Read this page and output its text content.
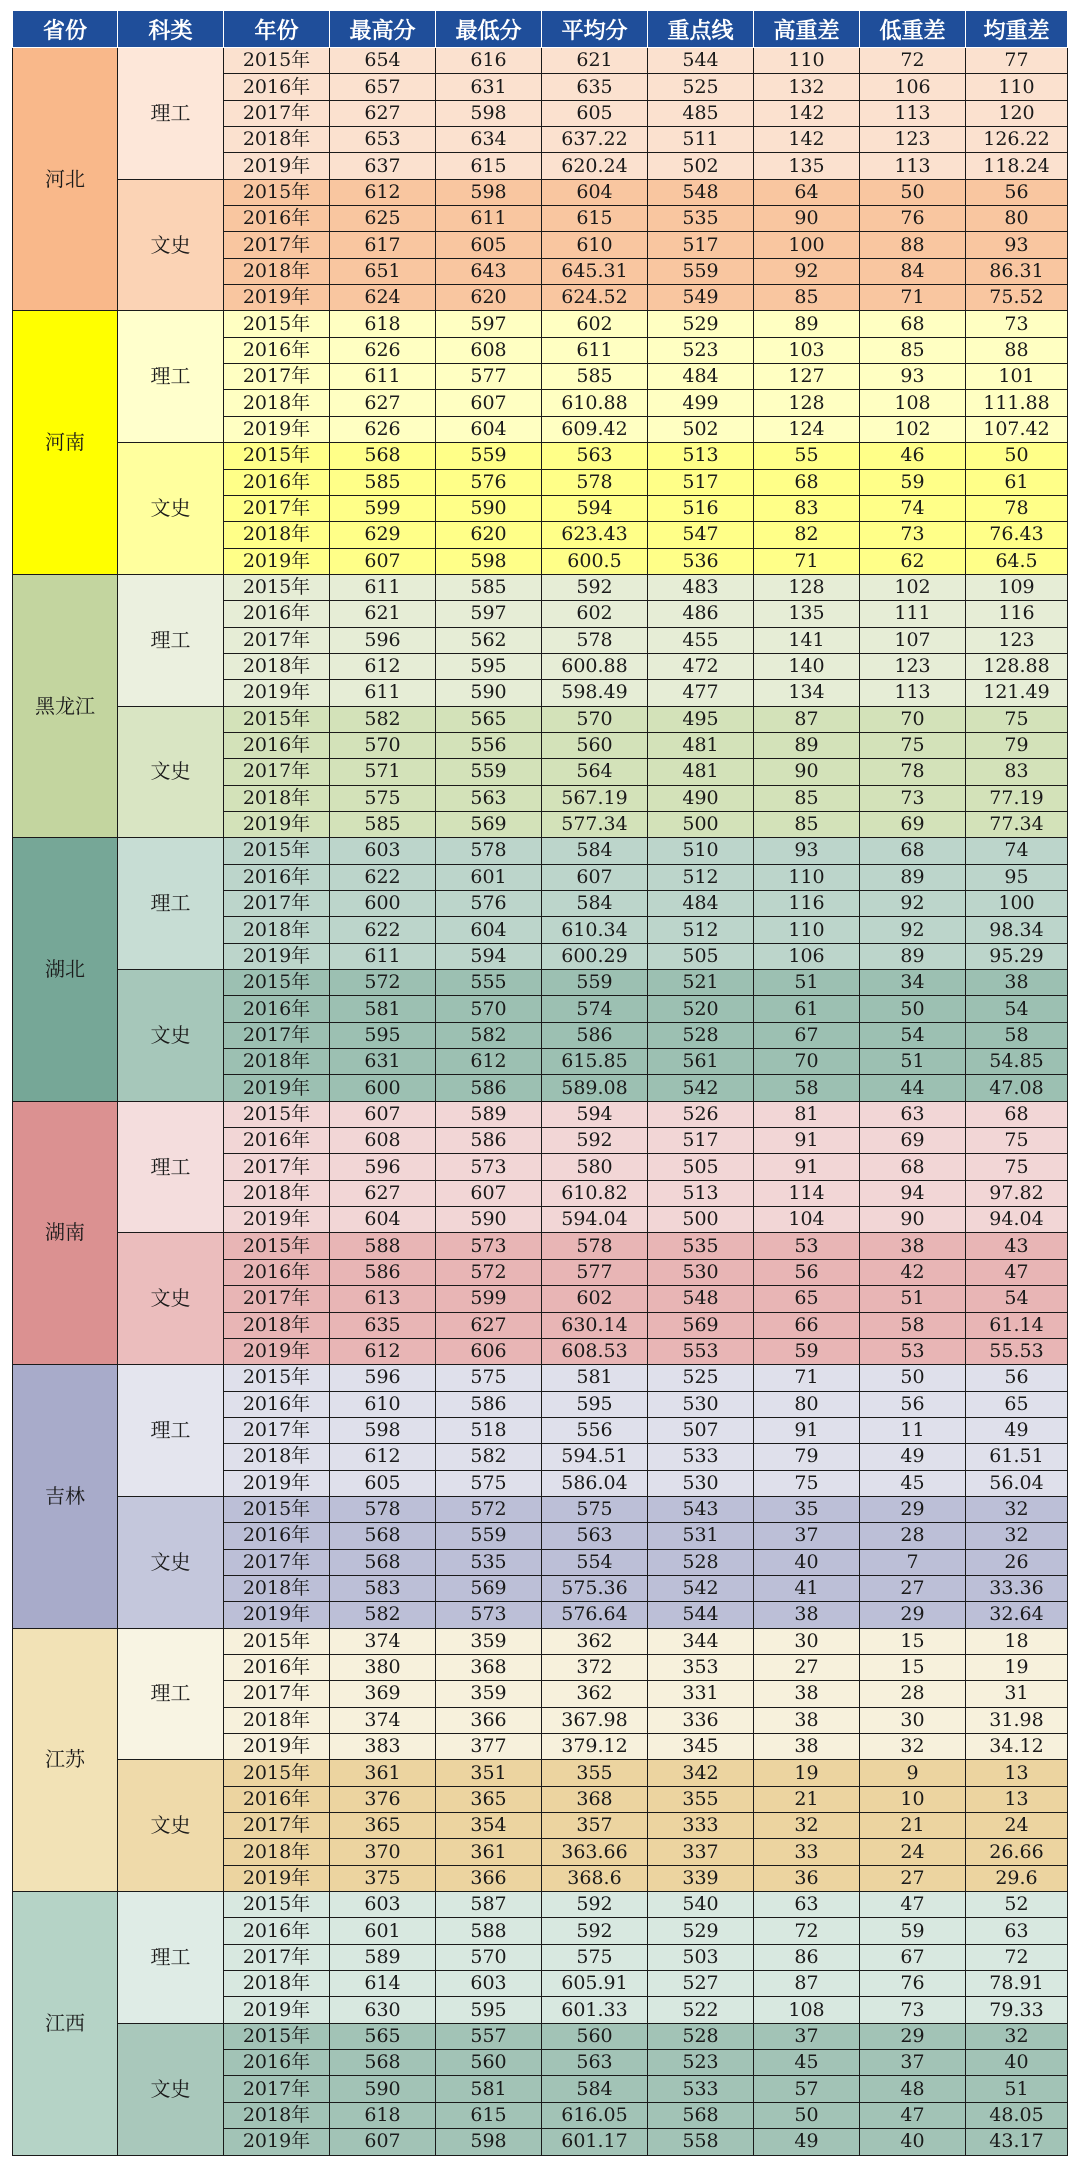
省份	科类	年份	最高分	最低分	平均分	重点线	高重差	低重差	均重差
河北	理工	2015年	654	616	621	544	110	72	77
		2016年	657	631	635	525	132	106	110
		2017年	627	598	605	485	142	113	120
		2018年	653	634	637.22	511	142	123	126.22
		2019年	637	615	620.24	502	135	113	118.24
	文史	2015年	612	598	604	548	64	50	56
		2016年	625	611	615	535	90	76	80
		2017年	617	605	610	517	100	88	93
		2018年	651	643	645.31	559	92	84	86.31
		2019年	624	620	624.52	549	85	71	75.52
河南	理工	2015年	618	597	602	529	89	68	73
		2016年	626	608	611	523	103	85	88
		2017年	611	577	585	484	127	93	101
		2018年	627	607	610.88	499	128	108	111.88
		2019年	626	604	609.42	502	124	102	107.42
	文史	2015年	568	559	563	513	55	46	50
		2016年	585	576	578	517	68	59	61
		2017年	599	590	594	516	83	74	78
		2018年	629	620	623.43	547	82	73	76.43
		2019年	607	598	600.5	536	71	62	64.5
黑龙江	理工	2015年	611	585	592	483	128	102	109
		2016年	621	597	602	486	135	111	116
		2017年	596	562	578	455	141	107	123
		2018年	612	595	600.88	472	140	123	128.88
		2019年	611	590	598.49	477	134	113	121.49
	文史	2015年	582	565	570	495	87	70	75
		2016年	570	556	560	481	89	75	79
		2017年	571	559	564	481	90	78	83
		2018年	575	563	567.19	490	85	73	77.19
		2019年	585	569	577.34	500	85	69	77.34
湖北	理工	2015年	603	578	584	510	93	68	74
		2016年	622	601	607	512	110	89	95
		2017年	600	576	584	484	116	92	100
		2018年	622	604	610.34	512	110	92	98.34
		2019年	611	594	600.29	505	106	89	95.29
	文史	2015年	572	555	559	521	51	34	38
		2016年	581	570	574	520	61	50	54
		2017年	595	582	586	528	67	54	58
		2018年	631	612	615.85	561	70	51	54.85
		2019年	600	586	589.08	542	58	44	47.08
湖南	理工	2015年	607	589	594	526	81	63	68
		2016年	608	586	592	517	91	69	75
		2017年	596	573	580	505	91	68	75
		2018年	627	607	610.82	513	114	94	97.82
		2019年	604	590	594.04	500	104	90	94.04
	文史	2015年	588	573	578	535	53	38	43
		2016年	586	572	577	530	56	42	47
		2017年	613	599	602	548	65	51	54
		2018年	635	627	630.14	569	66	58	61.14
		2019年	612	606	608.53	553	59	53	55.53
吉林	理工	2015年	596	575	581	525	71	50	56
		2016年	610	586	595	530	80	56	65
		2017年	598	518	556	507	91	11	49
		2018年	612	582	594.51	533	79	49	61.51
		2019年	605	575	586.04	530	75	45	56.04
	文史	2015年	578	572	575	543	35	29	32
		2016年	568	559	563	531	37	28	32
		2017年	568	535	554	528	40	7	26
		2018年	583	569	575.36	542	41	27	33.36
		2019年	582	573	576.64	544	38	29	32.64
江苏	理工	2015年	374	359	362	344	30	15	18
		2016年	380	368	372	353	27	15	19
		2017年	369	359	362	331	38	28	31
		2018年	374	366	367.98	336	38	30	31.98
		2019年	383	377	379.12	345	38	32	34.12
	文史	2015年	361	351	355	342	19	9	13
		2016年	376	365	368	355	21	10	13
		2017年	365	354	357	333	32	21	24
		2018年	370	361	363.66	337	33	24	26.66
		2019年	375	366	368.6	339	36	27	29.6
江西	理工	2015年	603	587	592	540	63	47	52
		2016年	601	588	592	529	72	59	63
		2017年	589	570	575	503	86	67	72
		2018年	614	603	605.91	527	87	76	78.91
		2019年	630	595	601.33	522	108	73	79.33
	文史	2015年	565	557	560	528	37	29	32
		2016年	568	560	563	523	45	37	40
		2017年	590	581	584	533	57	48	51
		2018年	618	615	616.05	568	50	47	48.05
		2019年	607	598	601.17	558	49	40	43.17
